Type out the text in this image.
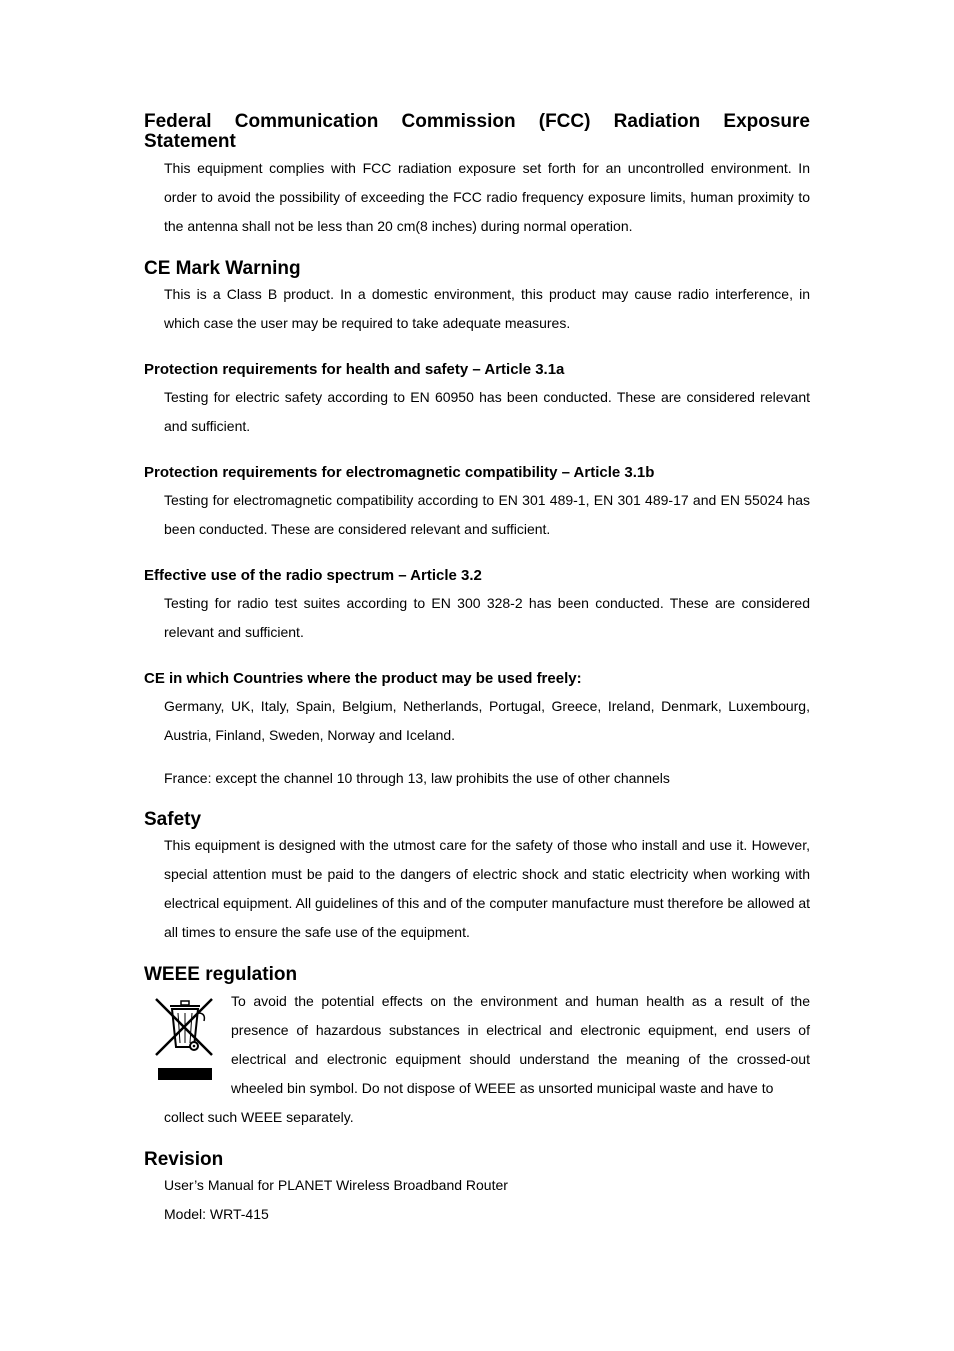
Federal Communication Commission (FCC) Radiation Exposure
Statement

This equipment complies with FCC radiation exposure set forth for an uncontrolled environment. In order to avoid the possibility of exceeding the FCC radio frequency exposure limits, human proximity to the antenna shall not be less than 20 cm(8 inches) during normal operation.

CE Mark Warning

This is a Class B product. In a domestic environment, this product may cause radio interference, in which case the user may be required to take adequate measures.

Protection requirements for health and safety – Article 3.1a

Testing for electric safety according to EN 60950 has been conducted. These are considered relevant and sufficient.

Protection requirements for electromagnetic compatibility – Article 3.1b

Testing for electromagnetic compatibility according to EN 301 489-1, EN 301 489-17 and EN 55024 has been conducted. These are considered relevant and sufficient.

Effective use of the radio spectrum – Article 3.2

Testing for radio test suites according to EN 300 328-2 has been conducted. These are considered relevant and sufficient.

CE in which Countries where the product may be used freely:

Germany, UK, Italy, Spain, Belgium, Netherlands, Portugal, Greece, Ireland, Denmark, Luxembourg, Austria, Finland, Sweden, Norway and Iceland.

France: except the channel 10 through 13, law prohibits the use of other channels

Safety

This equipment is designed with the utmost care for the safety of those who install and use it. However, special attention must be paid to the dangers of electric shock and static electricity when working with electrical equipment. All guidelines of this and of the computer manufacture must therefore be allowed at all times to ensure the safe use of the equipment.

WEEE regulation

To avoid the potential effects on the environment and human health as a result of the presence of hazardous substances in electrical and electronic equipment, end users of electrical and electronic equipment should understand the meaning of the crossed-out wheeled bin symbol. Do not dispose of WEEE as unsorted municipal waste and have to

collect such WEEE separately.

Revision

User’s Manual for PLANET Wireless Broadband Router

Model: WRT-415
